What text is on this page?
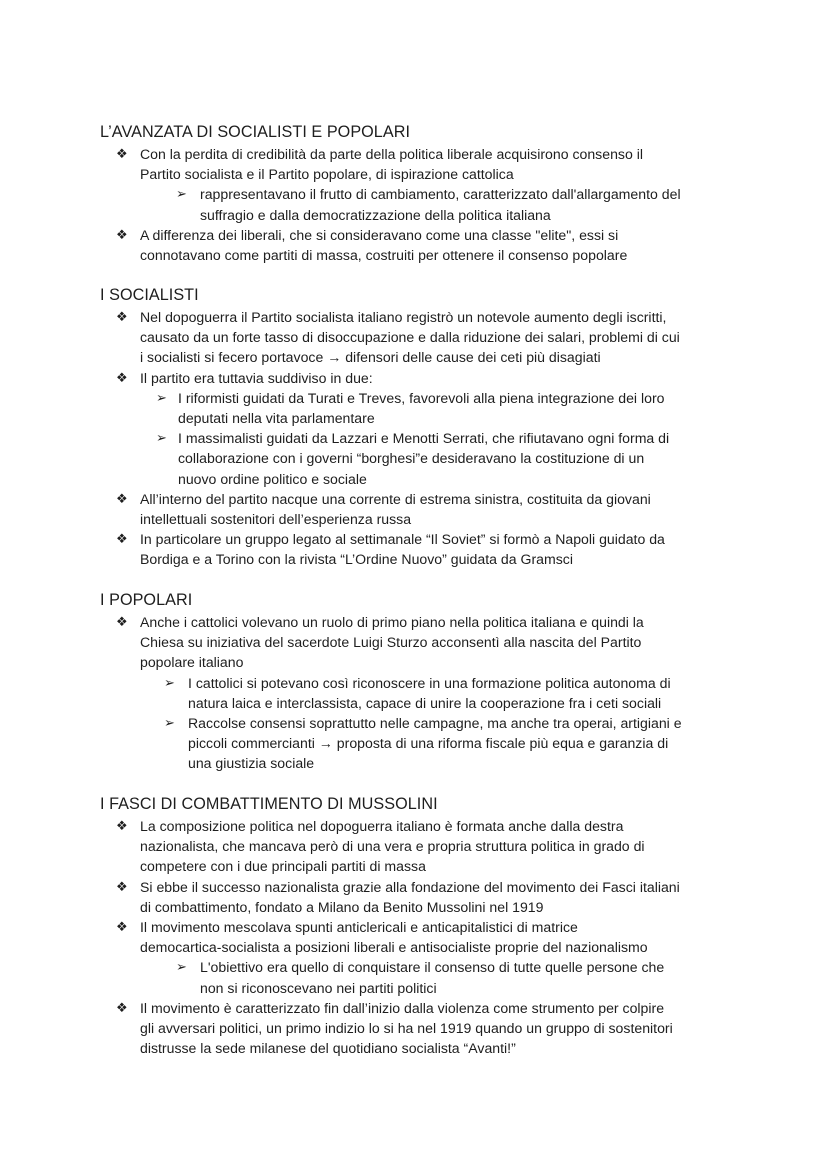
L’AVANZATA DI SOCIALISTI E POPOLARI
❖ Con la perdita di credibilità da parte della politica liberale acquisirono consenso il
Partito socialista e il Partito popolare, di ispirazione cattolica
➢ rappresentavano il frutto di cambiamento, caratterizzato dall'allargamento del
suffragio e dalla democratizzazione della politica italiana
❖ A differenza dei liberali, che si consideravano come una classe "elite", essi si
connotavano come partiti di massa, costruiti per ottenere il consenso popolare
I SOCIALISTI
❖ Nel dopoguerra il Partito socialista italiano registrò un notevole aumento degli iscritti,
causato da un forte tasso di disoccupazione e dalla riduzione dei salari, problemi di cui
i socialisti si fecero portavoce → difensori delle cause dei ceti più disagiati
❖ Il partito era tuttavia suddiviso in due:
➢ I riformisti guidati da Turati e Treves, favorevoli alla piena integrazione dei loro
deputati nella vita parlamentare
➢ I massimalisti guidati da Lazzari e Menotti Serrati, che rifiutavano ogni forma di
collaborazione con i governi “borghesi”e desideravano la costituzione di un
nuovo ordine politico e sociale
❖ All’interno del partito nacque una corrente di estrema sinistra, costituita da giovani
intellettuali sostenitori dell’esperienza russa
❖ In particolare un gruppo legato al settimanale “Il Soviet” si formò a Napoli guidato da
Bordiga e a Torino con la rivista “L’Ordine Nuovo” guidata da Gramsci
I POPOLARI
❖ Anche i cattolici volevano un ruolo di primo piano nella politica italiana e quindi la
Chiesa su iniziativa del sacerdote Luigi Sturzo acconsentì alla nascita del Partito
popolare italiano
➢ I cattolici si potevano così riconoscere in una formazione politica autonoma di
natura laica e interclassista, capace di unire la cooperazione fra i ceti sociali
➢ Raccolse consensi soprattutto nelle campagne, ma anche tra operai, artigiani e
piccoli commercianti → proposta di una riforma fiscale più equa e garanzia di
una giustizia sociale
I FASCI DI COMBATTIMENTO DI MUSSOLINI
❖ La composizione politica nel dopoguerra italiano è formata anche dalla destra
nazionalista, che mancava però di una vera e propria struttura politica in grado di
competere con i due principali partiti di massa
❖ Si ebbe il successo nazionalista grazie alla fondazione del movimento dei Fasci italiani
di combattimento, fondato a Milano da Benito Mussolini nel 1919
❖ Il movimento mescolava spunti anticlericali e anticapitalistici di matrice
democartica-socialista a posizioni liberali e antisocialiste proprie del nazionalismo
➢ L'obiettivo era quello di conquistare il consenso di tutte quelle persone che
non si riconoscevano nei partiti politici
❖ Il movimento è caratterizzato fin dall’inizio dalla violenza come strumento per colpire
gli avversari politici, un primo indizio lo si ha nel 1919 quando un gruppo di sostenitori
distrusse la sede milanese del quotidiano socialista “Avanti!”
